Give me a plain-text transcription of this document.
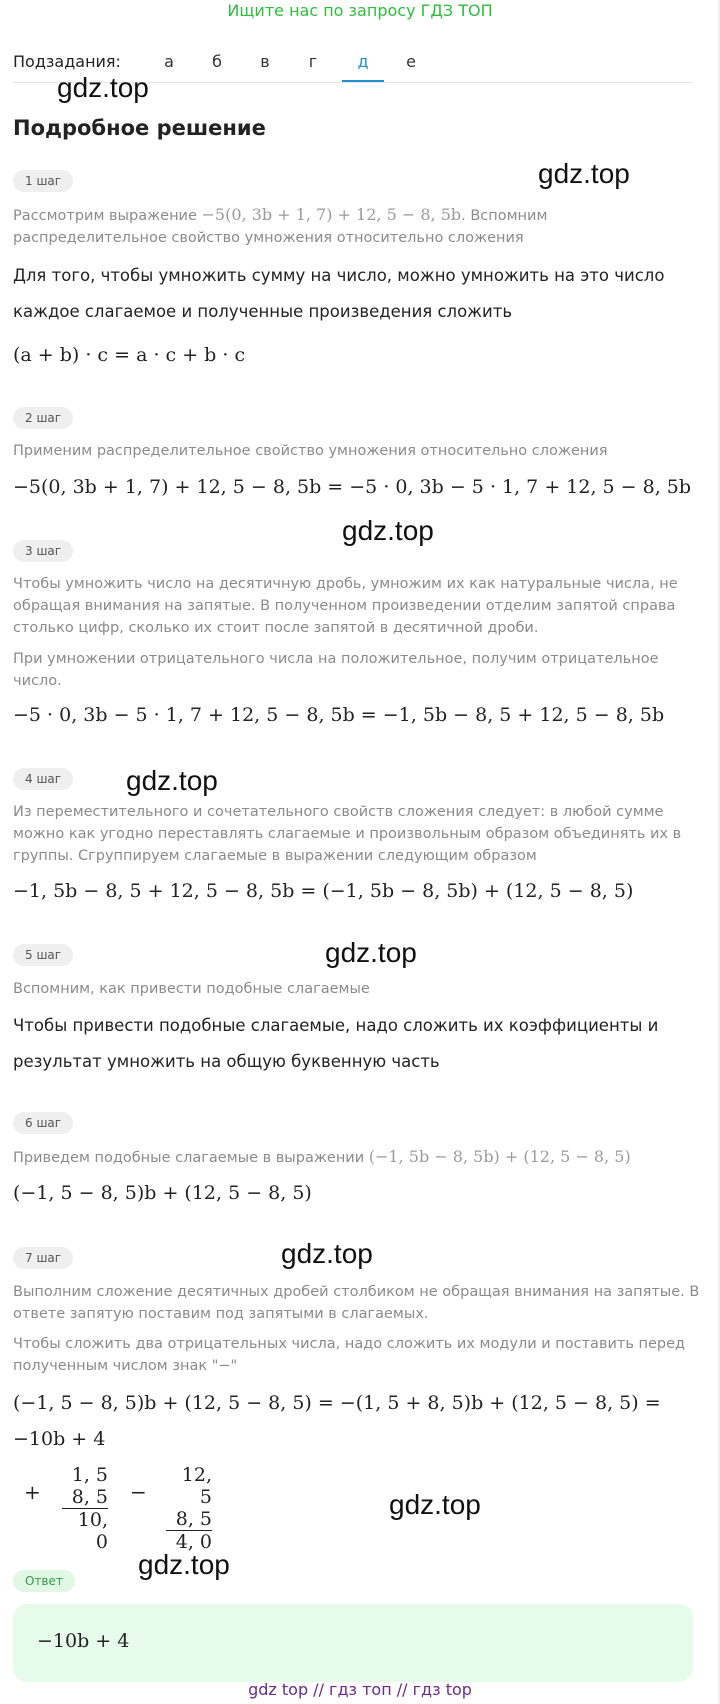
Ищите нас по запросу ГДЗ ТОП
Подзадания:	а	б	в	г	д	е
gdz.top
Подробное решение
1 шаг	gdz.top
Рассмотрим выражение −5(0, 3b + 1, 7) + 12, 5 − 8, 5b. Вспомним распределительное свойство умножения относительно сложения
Для того, чтобы умножить сумму на число, можно умножить на это число
каждое слагаемое и полученные произведения сложить
(a + b) · c = a · c + b · c
2 шаг
Применим распределительное свойство умножения относительно сложения
−5(0, 3b + 1, 7) + 12, 5 − 8, 5b = −5 · 0, 3b − 5 · 1, 7 + 12, 5 − 8, 5b
gdz.top
3 шаг
Чтобы умножить число на десятичную дробь, умножим их как натуральные числа, не обращая внимания на запятые. В полученном произведении отделим запятой справа столько цифр, сколько их стоит после запятой в десятичной дроби.
При умножении отрицательного числа на положительное, получим отрицательное число.
−5 · 0, 3b − 5 · 1, 7 + 12, 5 − 8, 5b = −1, 5b − 8, 5 + 12, 5 − 8, 5b
4 шаг	gdz.top
Из переместительного и сочетательного свойств сложения следует: в любой сумме можно как угодно переставлять слагаемые и произвольным образом объединять их в группы. Сгруппируем слагаемые в выражении следующим образом
−1, 5b − 8, 5 + 12, 5 − 8, 5b = (−1, 5b − 8, 5b) + (12, 5 − 8, 5)
5 шаг	gdz.top
Вспомним, как привести подобные слагаемые
Чтобы привести подобные слагаемые, надо сложить их коэффициенты и
результат умножить на общую буквенную часть
6 шаг
Приведем подобные слагаемые в выражении (−1, 5b − 8, 5b) + (12, 5 − 8, 5)
(−1, 5 − 8, 5)b + (12, 5 − 8, 5)
7 шаг	gdz.top
Выполним сложение десятичных дробей столбиком не обращая внимания на запятые. В ответе запятую поставим под запятыми в слагаемых.
Чтобы сложить два отрицательных числа, надо сложить их модули и поставить перед полученным числом знак "−"
(−1, 5 − 8, 5)b + (12, 5 − 8, 5) = −(1, 5 + 8, 5)b + (12, 5 − 8, 5) =
−10b + 4
+
1, 5
8, 5
10, 0
−
12, 5
8, 5
4, 0
gdz.top
gdz.top
Ответ
−10b + 4
gdz top // гдз топ // гдз top
